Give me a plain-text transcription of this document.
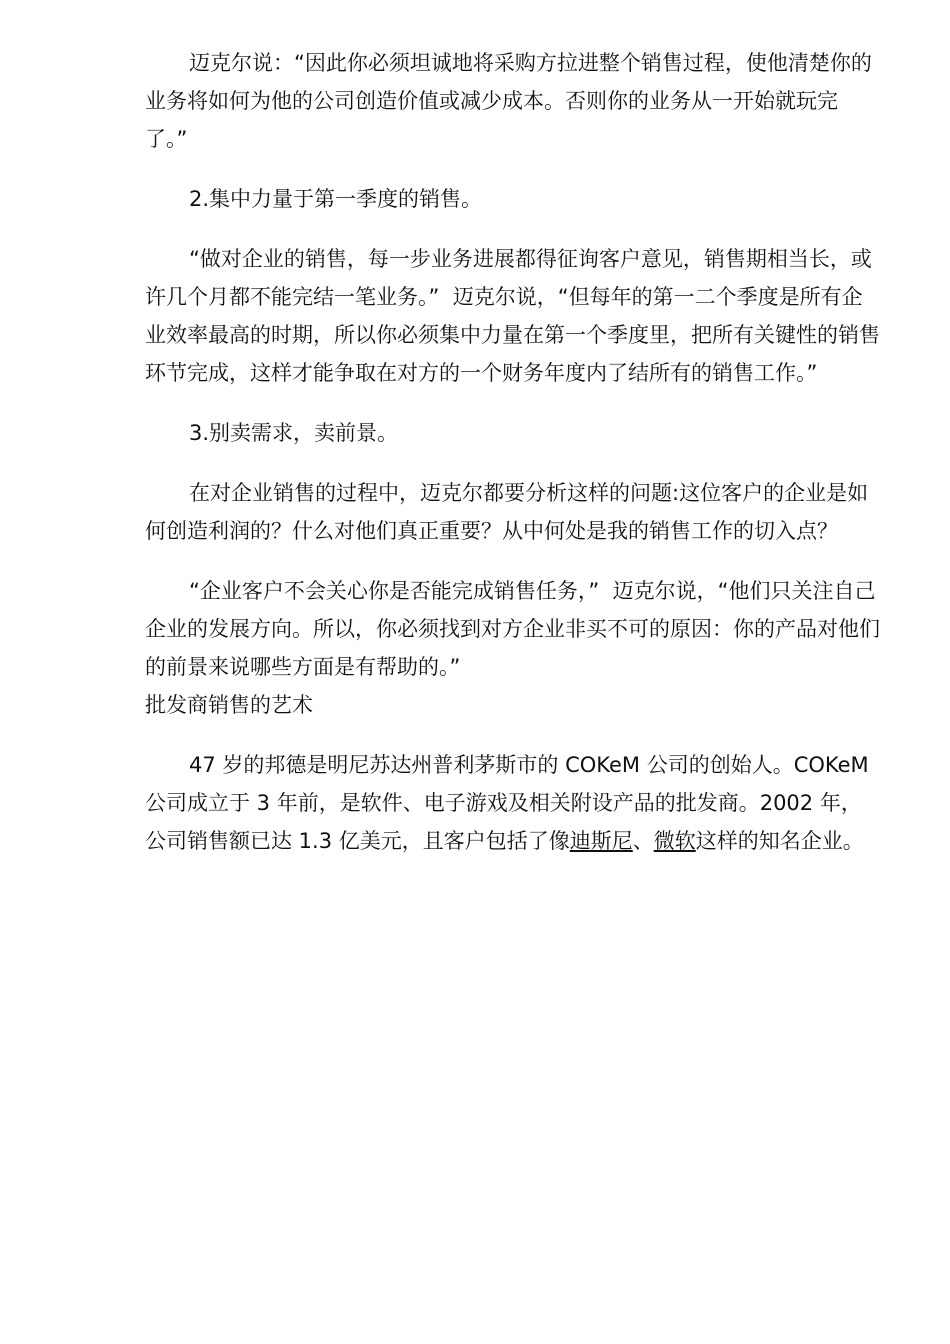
迈克尔说：“因此你必须坦诚地将采购方拉进整个销售过程，使他清楚你的业务将如何为他的公司创造价值或减少成本。否则你的业务从一开始就玩完了。”

2.集中力量于第一季度的销售。

“做对企业的销售，每一步业务进展都得征询客户意见，销售期相当长，或许几个月都不能完结一笔业务。”  迈克尔说，“但每年的第一二个季度是所有企业效率最高的时期，所以你必须集中力量在第一个季度里，把所有关键性的销售环节完成，这样才能争取在对方的一个财务年度内了结所有的销售工作。”

3.别卖需求，卖前景。

在对企业销售的过程中，迈克尔都要分析这样的问题:这位客户的企业是如何创造利润的？什么对他们真正重要？从中何处是我的销售工作的切入点？

“企业客户不会关心你是否能完成销售任务，”  迈克尔说，“他们只关注自己企业的发展方向。所以，你必须找到对方企业非买不可的原因：你的产品对他们的前景来说哪些方面是有帮助的。”

批发商销售的艺术

47 岁的邦德是明尼苏达州普利茅斯市的 COKeM 公司的创始人。COKeM 公司成立于 3 年前，是软件、电子游戏及相关附设产品的批发商。2002 年，公司销售额已达 1.3 亿美元，且客户包括了像迪斯尼、微软这样的知名企业。
